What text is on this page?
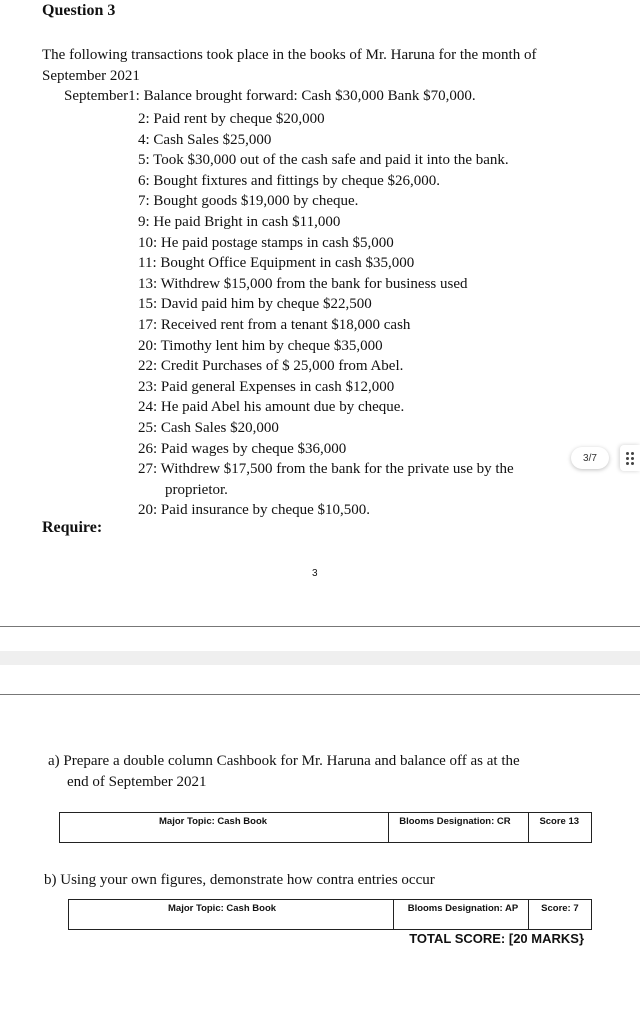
Question 3
The following transactions took place in the books of Mr. Haruna for the month of September 2021
September1: Balance brought forward: Cash $30,000 Bank $70,000.
2: Paid rent by cheque $20,000
4: Cash Sales $25,000
5: Took $30,000 out of the cash safe and paid it into the bank.
6: Bought fixtures and fittings by cheque $26,000.
7: Bought goods $19,000 by cheque.
9: He paid Bright in cash $11,000
10: He paid postage stamps in cash $5,000
11: Bought Office Equipment in cash $35,000
13: Withdrew $15,000 from the bank for business used
15: David paid him by cheque $22,500
17: Received rent from a tenant $18,000 cash
20: Timothy lent him by cheque $35,000
22: Credit Purchases of $ 25,000 from Abel.
23: Paid general Expenses in cash $12,000
24: He paid Abel his amount due by cheque.
25: Cash Sales $20,000
26: Paid wages by cheque $36,000
27: Withdrew $17,500 from the bank for the private use by the
proprietor.
20: Paid insurance by cheque $10,500.
3/7
Require:
3
a) Prepare a double column Cashbook for Mr. Haruna and balance off as at the
end of September 2021
Major Topic: Cash Book	Blooms Designation: CR	Score 13
b) Using your own figures, demonstrate how contra entries occur
Major Topic: Cash Book	Blooms Designation: AP	Score: 7
TOTAL SCORE: [20 MARKS}
